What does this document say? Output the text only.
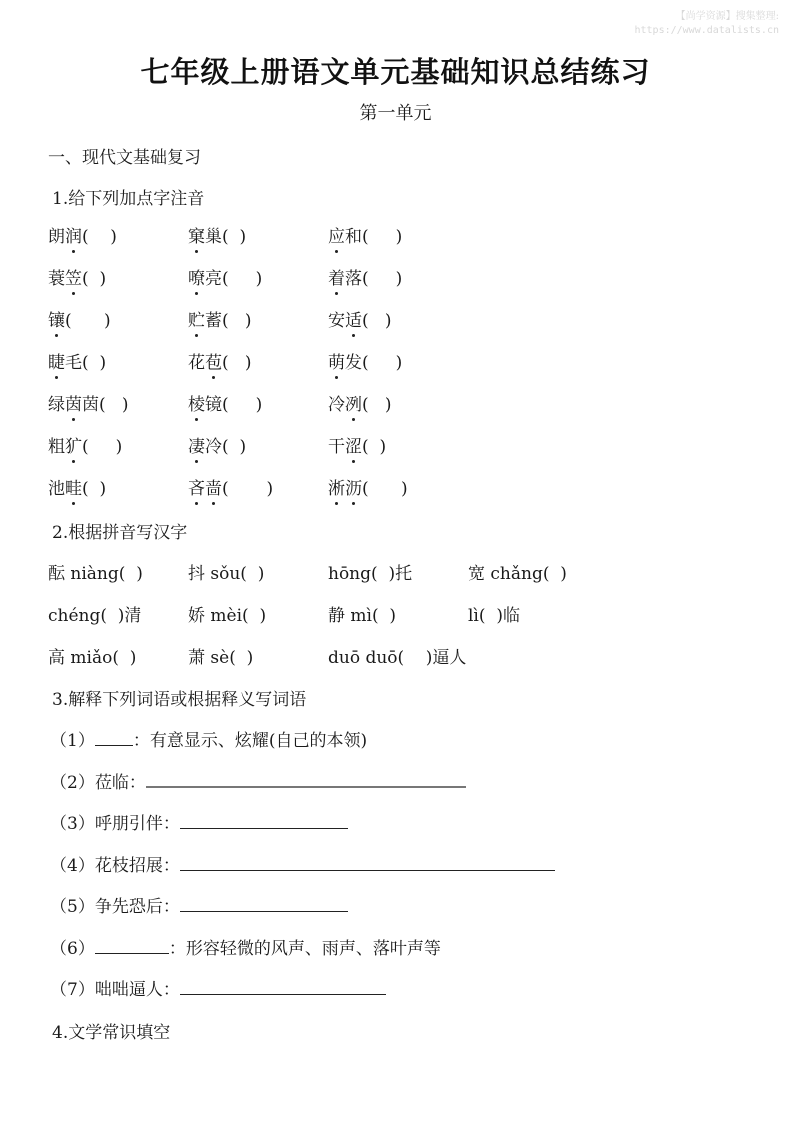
【尚学资源】搜集整理:
https://www.datalists.cn
七年级上册语文单元基础知识总结练习
第一单元
一、现代文基础复习
1.给下列加点字注音
朗润(    )	窠巢(  )	应和(     )
蓑笠(  )	嘹亮(     )	着落(     )
镶(      )	贮蓄(   )	安适(   )
睫毛(  )	花苞(   )	萌发(     )
绿茵茵(   )	棱镜(     )	冷冽(   )
粗犷(     )	凄冷(  )	干涩(  )
池畦(  )	吝啬(       )	淅沥(      )
2.根据拼音写汉字
酝 niàng(  )	抖 sǒu(  )	hōng(  )托	宽 chǎng(  )
chéng(  )清	娇 mèi(  )	静 mì(  )	lì(  )临
高 miǎo(  )	萧 sè(  )	duō duō(    )逼人
3.解释下列词语或根据释义写词语
（1） ：有意显示、炫耀(自己的本领)
（2）莅临：
（3）呼朋引伴：
（4）花枝招展：
（5）争先恐后：
（6）	：形容轻微的风声、雨声、落叶声等
（7）咄咄逼人：
4.文学常识填空
